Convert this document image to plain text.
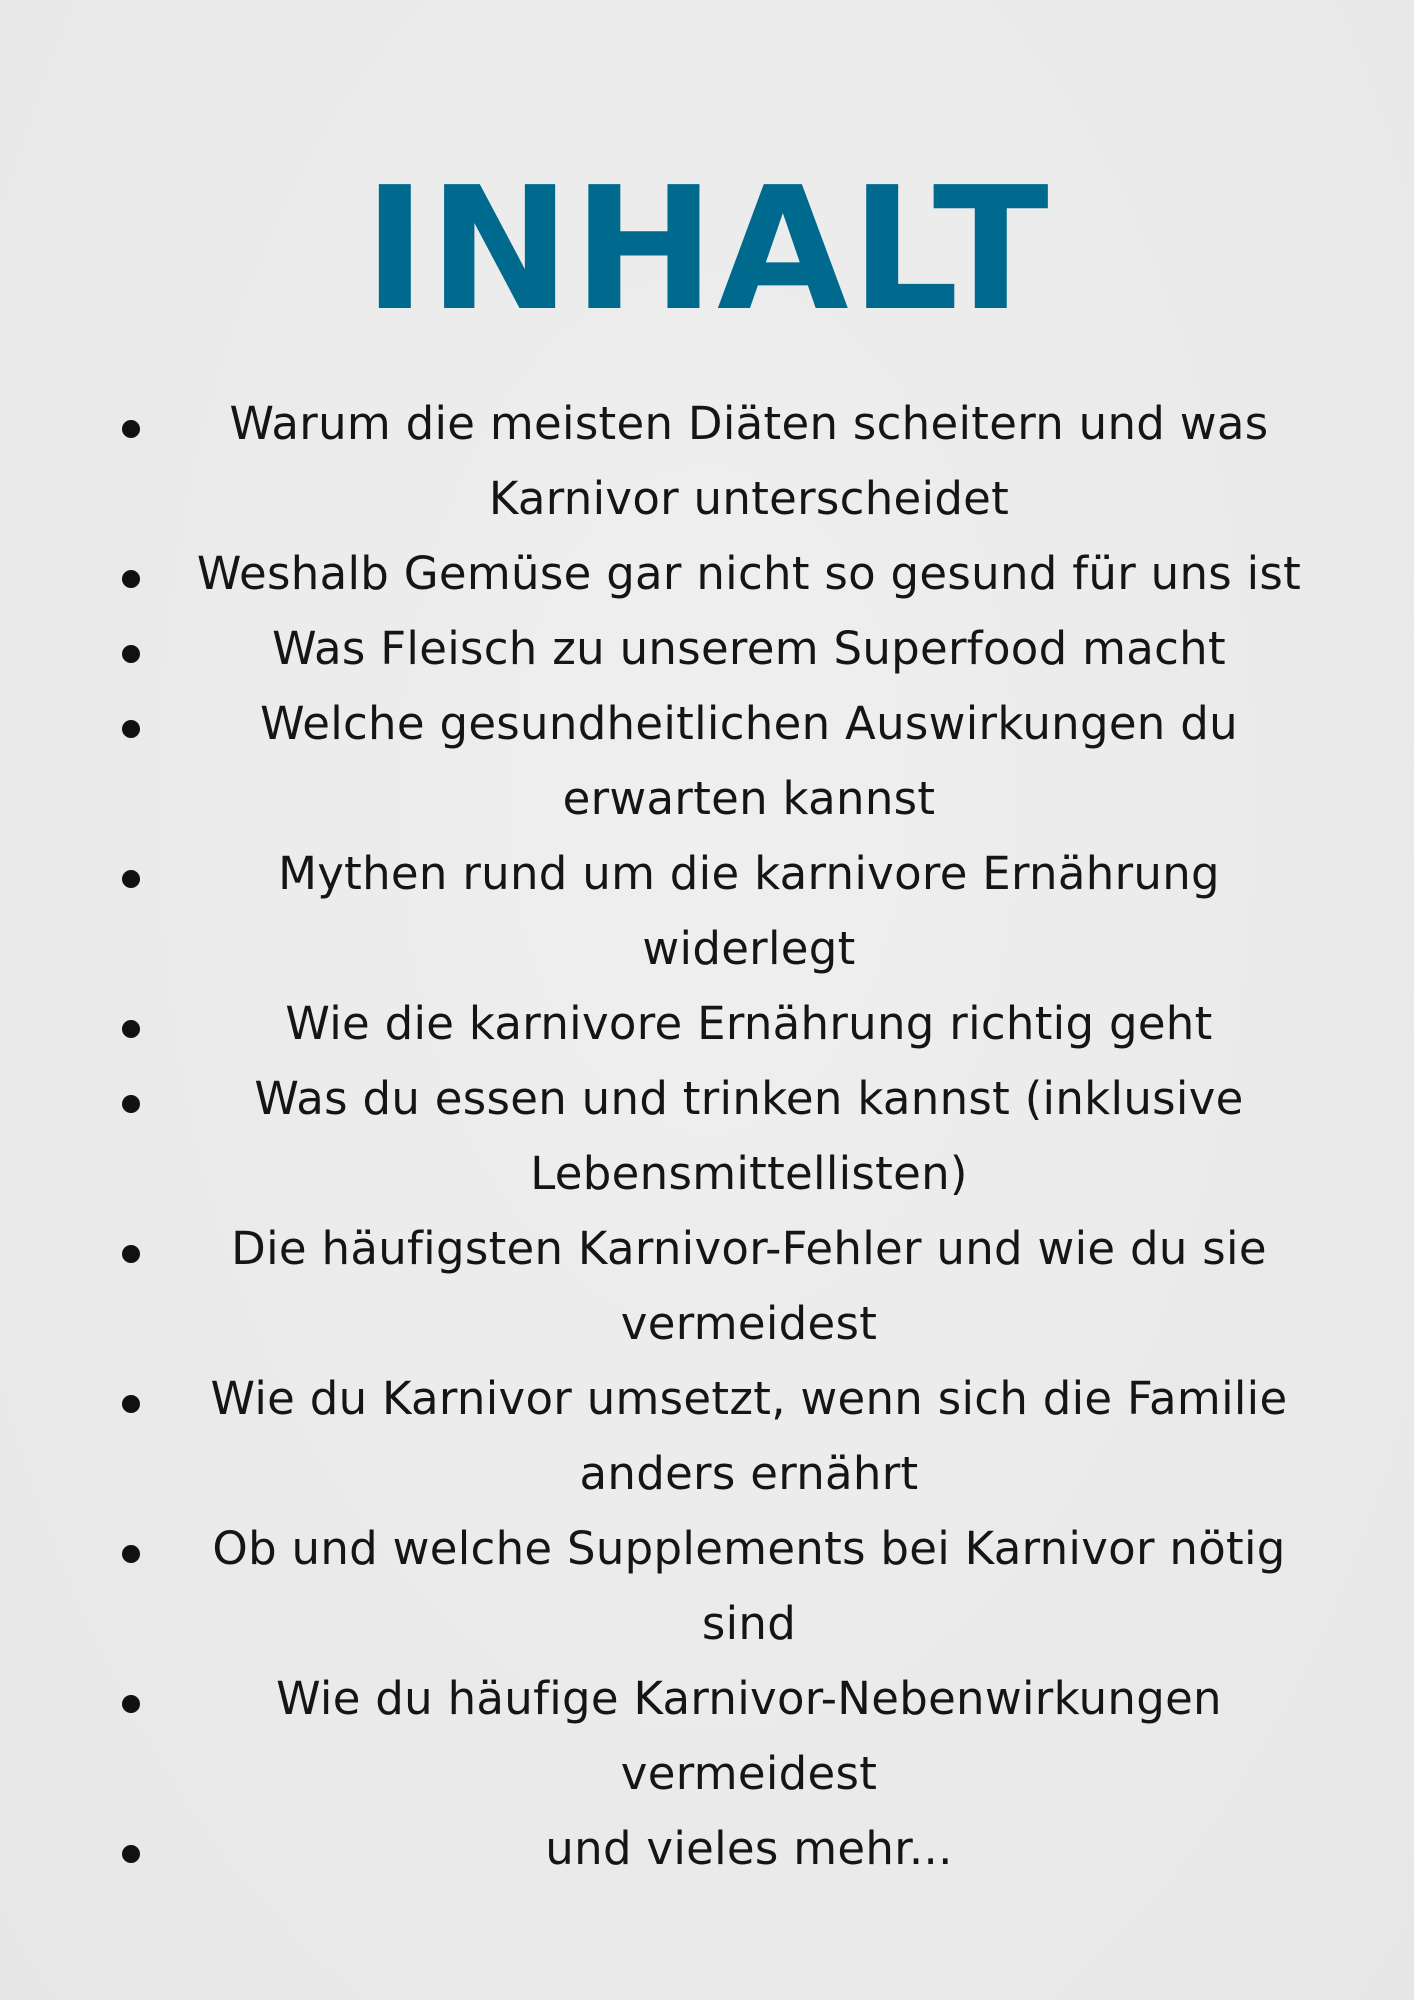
INHALT
Warum die meisten Diäten scheitern und was Karnivor unterscheidet
Weshalb Gemüse gar nicht so gesund für uns ist
Was Fleisch zu unserem Superfood macht
Welche gesundheitlichen Auswirkungen du erwarten kannst
Mythen rund um die karnivore Ernährung widerlegt
Wie die karnivore Ernährung richtig geht
Was du essen und trinken kannst (inklusive Lebensmittellisten)
Die häufigsten Karnivor-Fehler und wie du sie vermeidest
Wie du Karnivor umsetzt, wenn sich die Familie anders ernährt
Ob und welche Supplements bei Karnivor nötig sind
Wie du häufige Karnivor-Nebenwirkungen vermeidest
und vieles mehr...
